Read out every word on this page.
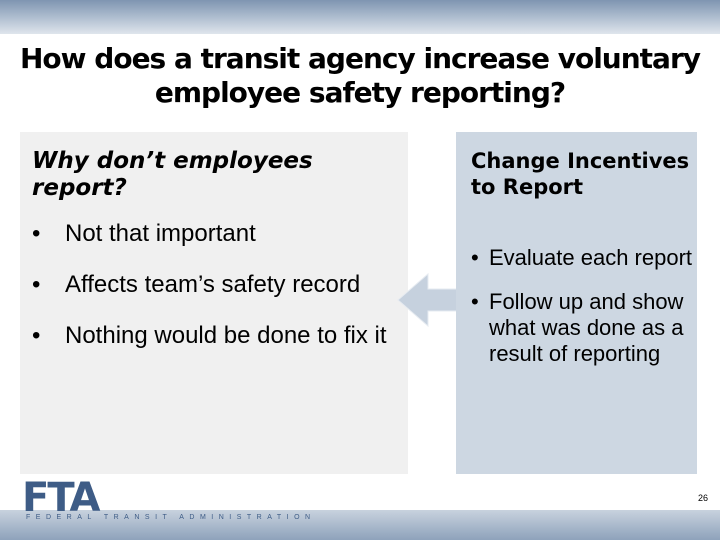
How does a transit agency increase voluntary employee safety reporting?
Why don’t employees report?
• Not that important
• Affects team’s safety record
• Nothing would be done to fix it
Change Incentives to Report
• Evaluate each report
• Follow up and show what was done as a result of reporting
FTA
FEDERAL TRANSIT ADMINISTRATION
26
